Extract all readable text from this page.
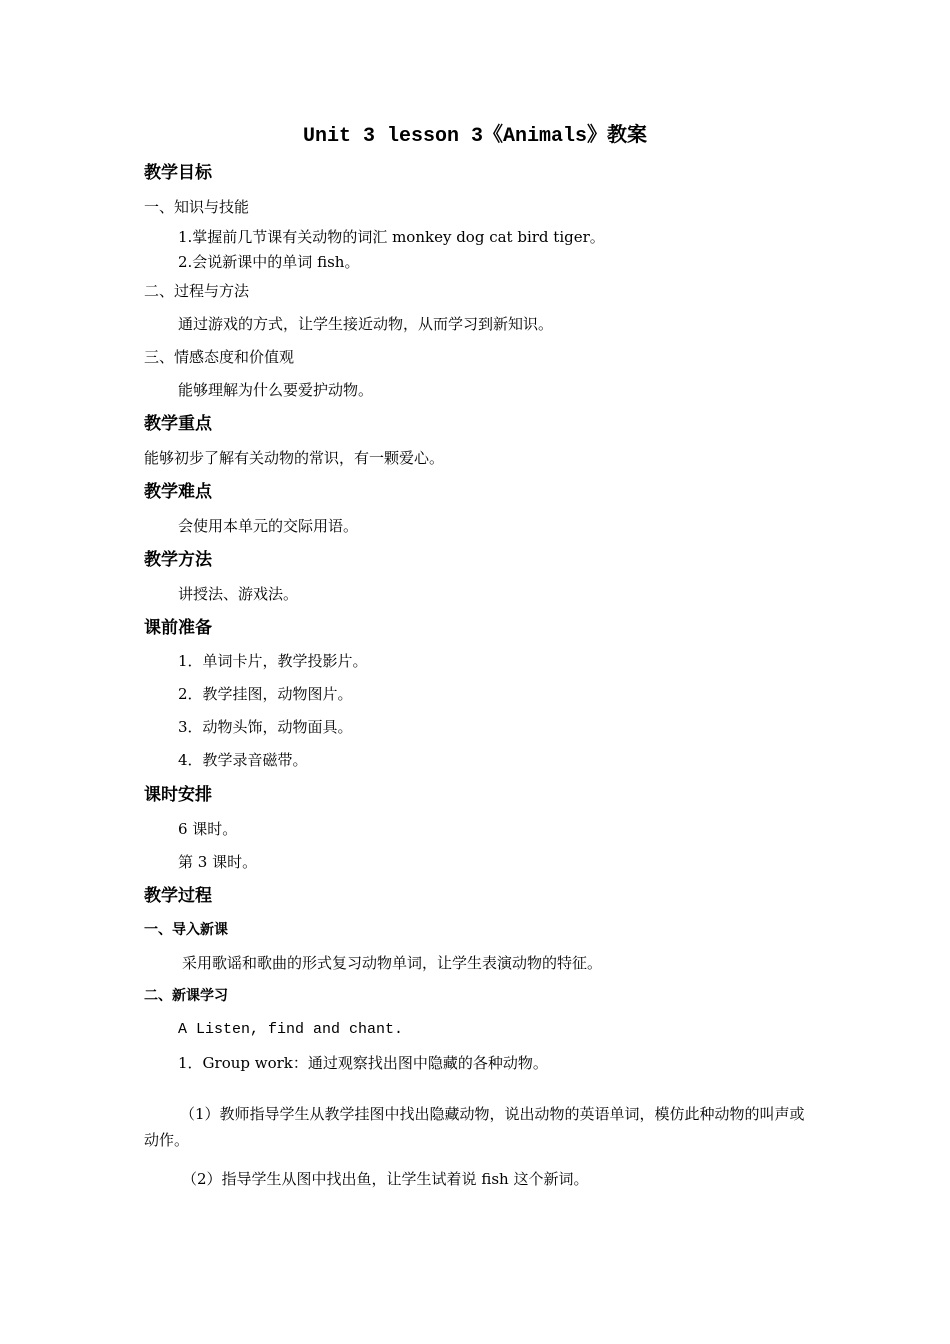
Unit 3 lesson 3《Animals》教案
教学目标
一、知识与技能
1.掌握前几节课有关动物的词汇 monkey dog cat bird tiger。
2.会说新课中的单词 fish。
二、过程与方法
通过游戏的方式，让学生接近动物，从而学习到新知识。
三、情感态度和价值观
能够理解为什么要爱护动物。
教学重点
能够初步了解有关动物的常识，有一颗爱心。
教学难点
会使用本单元的交际用语。
教学方法
讲授法、游戏法。
课前准备
1．单词卡片，教学投影片。
2．教学挂图，动物图片。
3．动物头饰，动物面具。
4．教学录音磁带。
课时安排
6 课时。
第 3 课时。
教学过程
一、导入新课
采用歌谣和歌曲的形式复习动物单词，让学生表演动物的特征。
二、新课学习
A Listen, find and chant.
1．Group work：通过观察找出图中隐藏的各种动物。
（1）教师指导学生从教学挂图中找出隐藏动物，说出动物的英语单词，模仿此种动物的叫声或动作。
（2）指导学生从图中找出鱼，让学生试着说 fish 这个新词。
